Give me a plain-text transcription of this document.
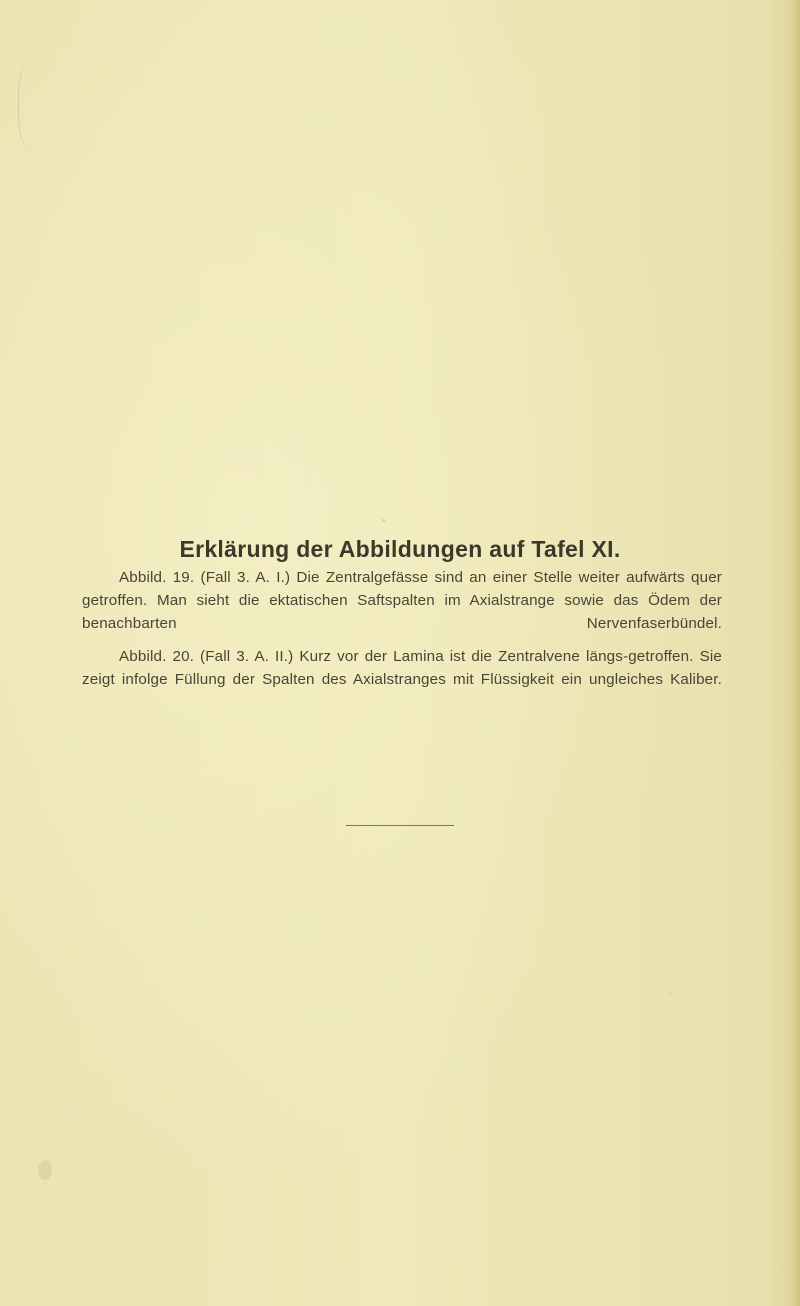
Erklärung der Abbildungen auf Tafel XI.

Abbild. 19. (Fall 3. A. I.) Die Zentralgefässe sind an einer Stelle weiter aufwärts quer getroffen. Man sieht die ektatischen Saftspalten im Axialstrange sowie das Ödem der benachbarten Nervenfaserbündel.

Abbild. 20. (Fall 3. A. II.) Kurz vor der Lamina ist die Zentralvene längs-getroffen. Sie zeigt infolge Füllung der Spalten des Axialstranges mit Flüssigkeit ein ungleiches Kaliber.
